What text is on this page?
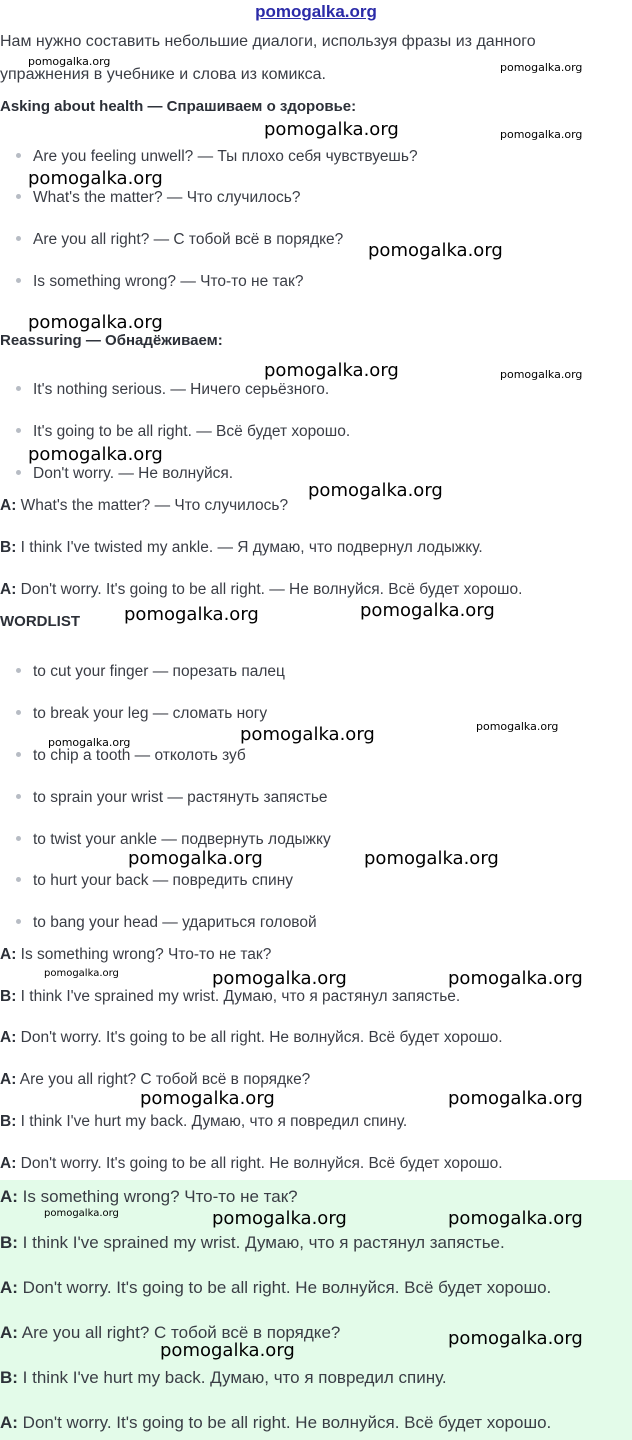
pomogalka.org
Нам нужно составить небольшие диалоги, используя фразы из данного
упражнения в учебнике и слова из комикса.
Asking about health — Спрашиваем о здоровье:
Are you feeling unwell? — Ты плохо себя чувствуешь?
What's the matter? — Что случилось?
Are you all right? — С тобой всё в порядке?
Is something wrong? — Что-то не так?
Reassuring — Обнадёживаем:
It's nothing serious. — Ничего серьёзного.
It's going to be all right. — Всё будет хорошо.
Don't worry. — Не волнуйся.
A: What's the matter? — Что случилось?
B: I think I've twisted my ankle. — Я думаю, что подвернул лодыжку.
A: Don't worry. It's going to be all right. — Не волнуйся. Всё будет хорошо.
WORDLIST
to cut your finger — порезать палец
to break your leg — сломать ногу
to chip a tooth — отколоть зуб
to sprain your wrist — растянуть запястье
to twist your ankle — подвернуть лодыжку
to hurt your back — повредить спину
to bang your head — удариться головой
A: Is something wrong? Что-то не так?
B: I think I've sprained my wrist. Думаю, что я растянул запястье.
A: Don't worry. It's going to be all right. Не волнуйся. Всё будет хорошо.
A: Are you all right? С тобой всё в порядке?
B: I think I've hurt my back. Думаю, что я повредил спину.
A: Don't worry. It's going to be all right. Не волнуйся. Всё будет хорошо.
A: Is something wrong? Что-то не так?
B: I think I've sprained my wrist. Думаю, что я растянул запястье.
A: Don't worry. It's going to be all right. Не волнуйся. Всё будет хорошо.
A: Are you all right? С тобой всё в порядке?
B: I think I've hurt my back. Думаю, что я повредил спину.
A: Don't worry. It's going to be all right. Не волнуйся. Всё будет хорошо.
pomogalka.org	pomogalka.org
pomogalka.org	pomogalka.org
pomogalka.org
pomogalka.org
pomogalka.org
pomogalka.org	pomogalka.org
pomogalka.org
pomogalka.org
pomogalka.org	pomogalka.org
pomogalka.org
pomogalka.org
pomogalka.org
pomogalka.org	pomogalka.org
pomogalka.org	pomogalka.org	pomogalka.org
pomogalka.org	pomogalka.org
pomogalka.org	pomogalka.org	pomogalka.org
pomogalka.org
pomogalka.org
